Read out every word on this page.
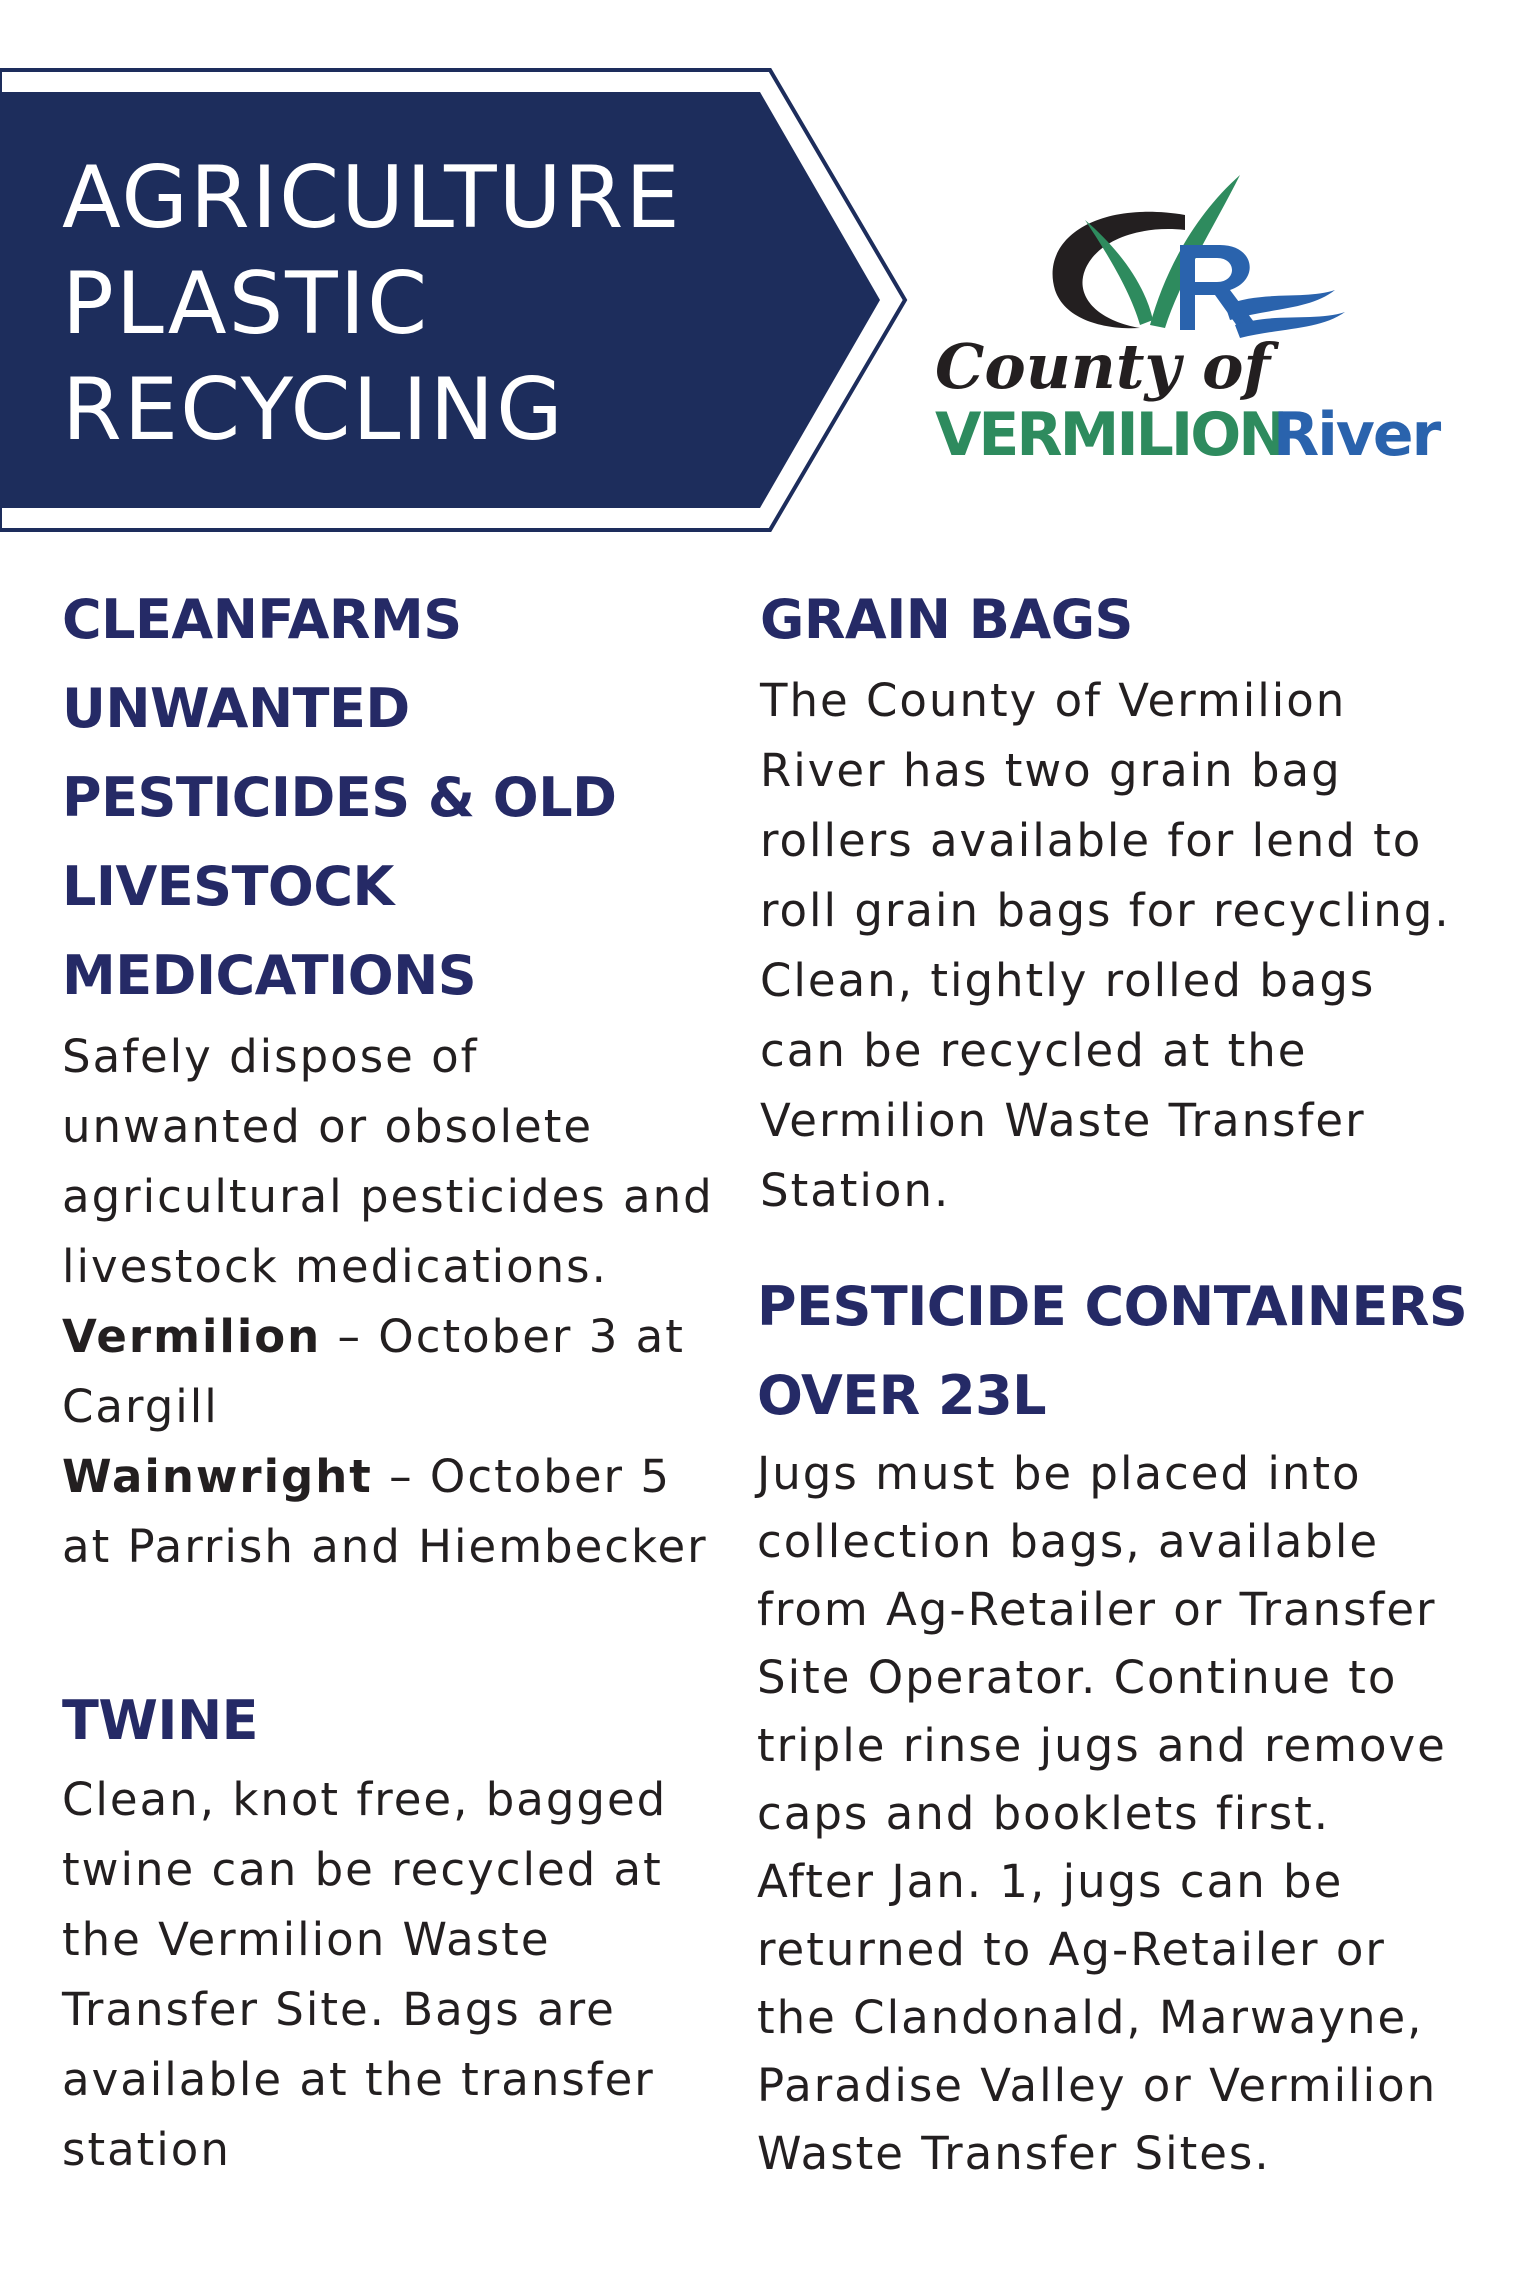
AGRICULTURE
PLASTIC
RECYCLING	County of
VERMILION
River
CLEANFARMS
UNWANTED
PESTICIDES & OLD
LIVESTOCK
MEDICATIONS

Safely dispose of
unwanted or obsolete
agricultural pesticides and
livestock medications.
Vermilion – October 3 at
Cargill
Wainwright – October 5
at Parrish and Hiembecker

TWINE

Clean, knot free, bagged
twine can be recycled at
the Vermilion Waste
Transfer Site. Bags are
available at the transfer
station

GRAIN BAGS

The County of Vermilion
River has two grain bag
rollers available for lend to
roll grain bags for recycling.
Clean, tightly rolled bags
can be recycled at the
Vermilion Waste Transfer
Station.

PESTICIDE CONTAINERS
OVER 23L

Jugs must be placed into
collection bags, available
from Ag-Retailer or Transfer
Site Operator. Continue to
triple rinse jugs and remove
caps and booklets first.
After Jan. 1, jugs can be
returned to Ag-Retailer or
the Clandonald, Marwayne,
Paradise Valley or Vermilion
Waste Transfer Sites.
